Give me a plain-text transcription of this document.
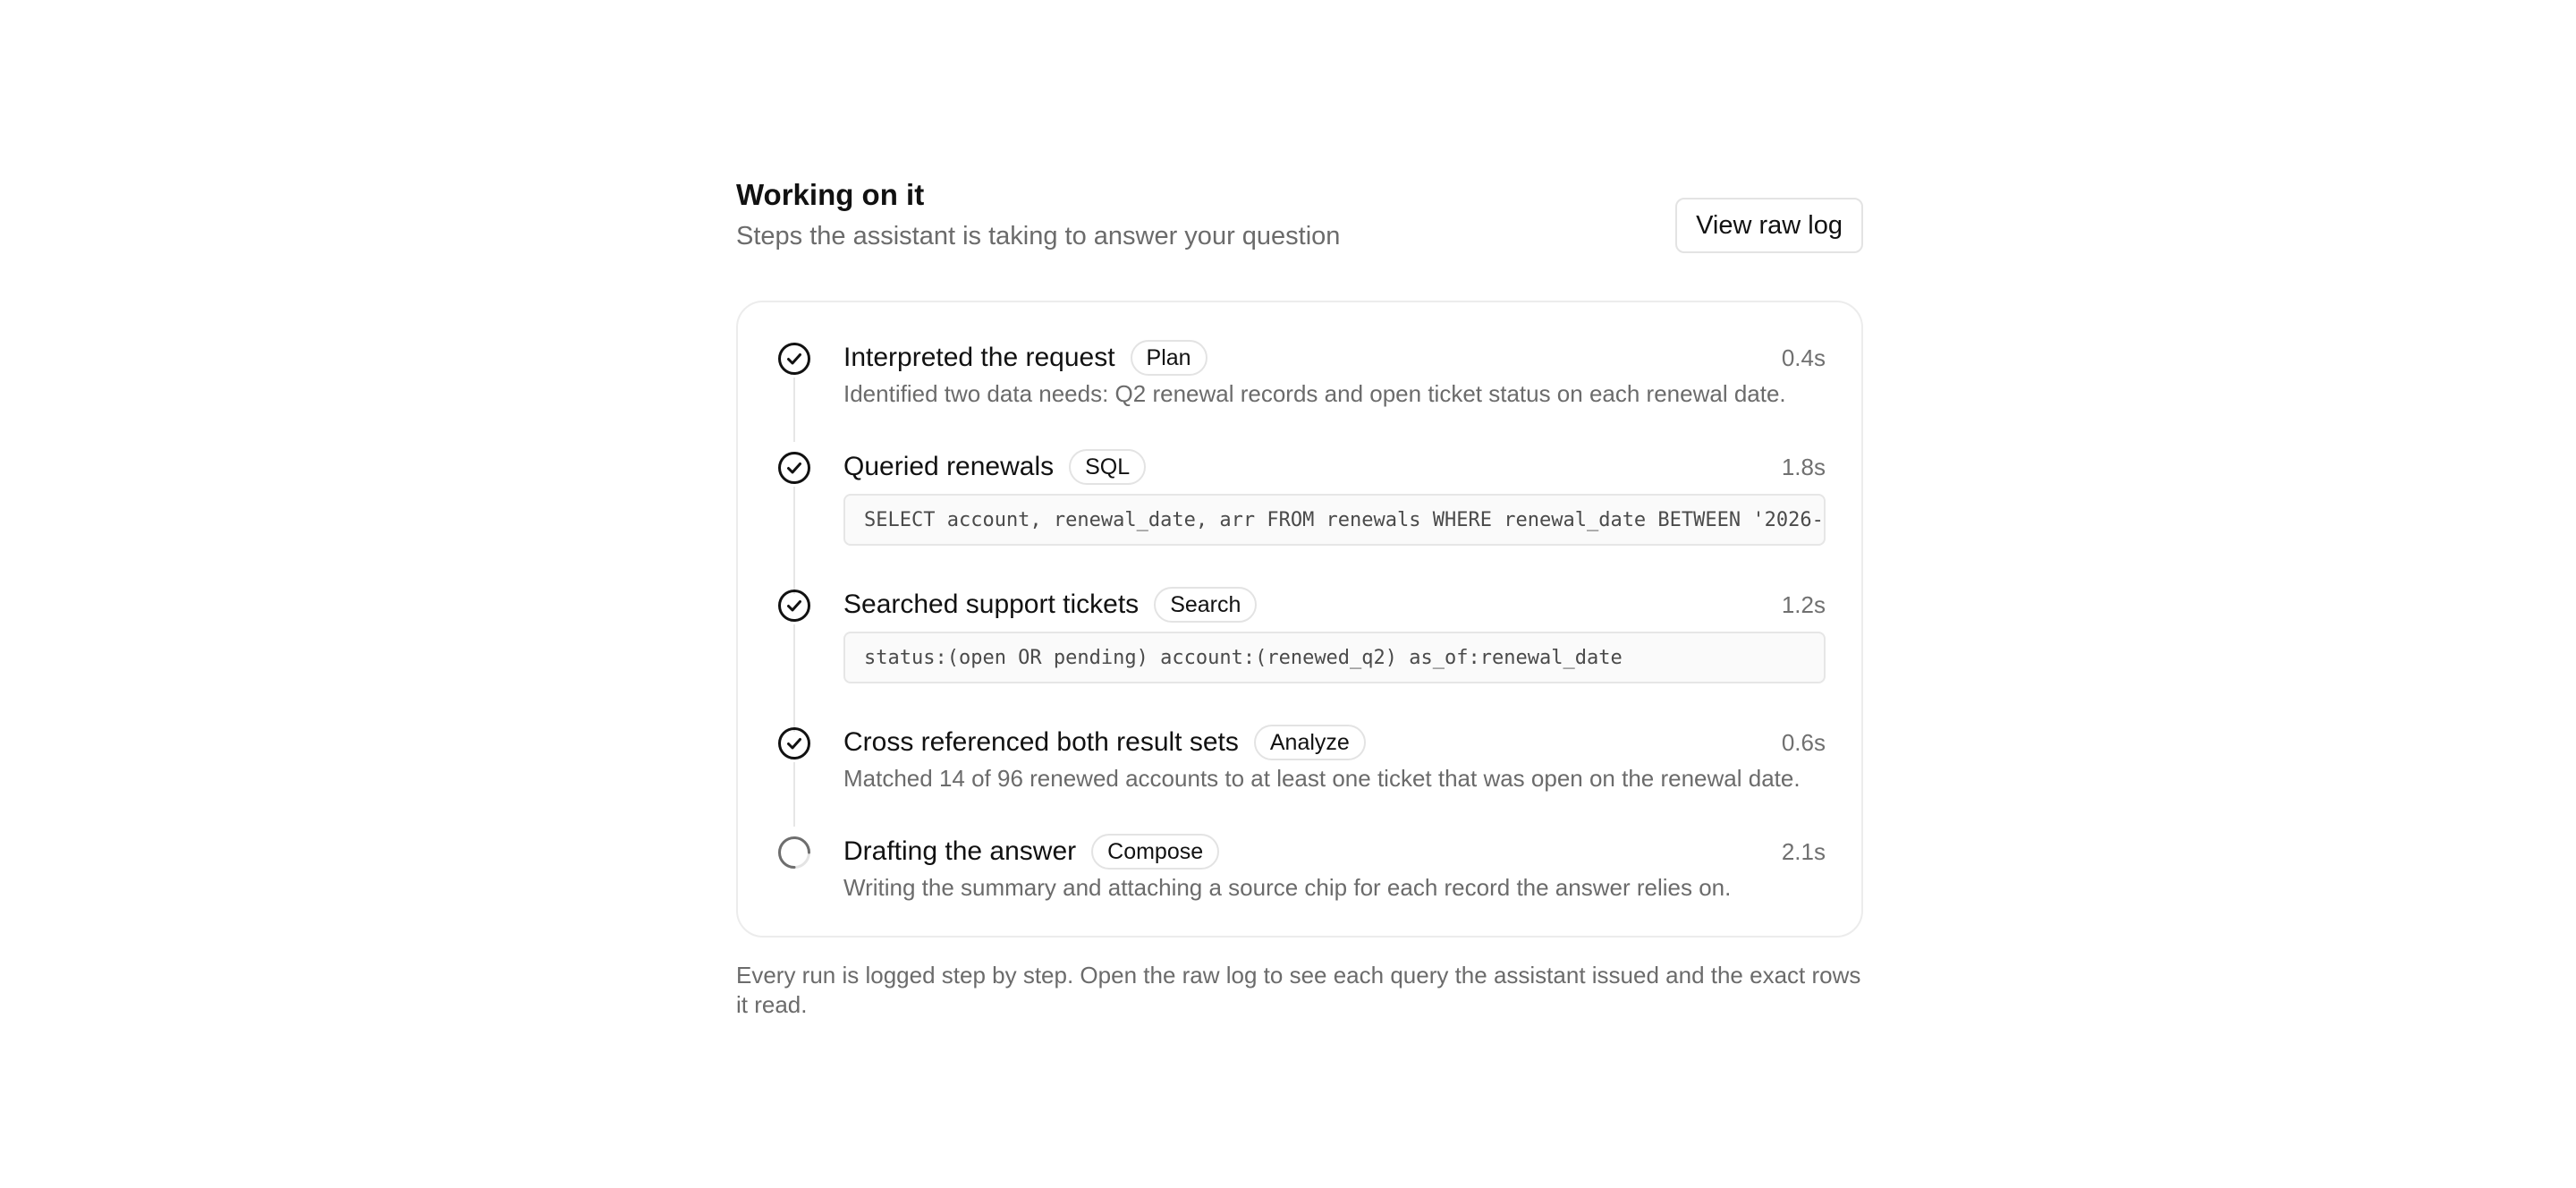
Working on it
Steps the assistant is taking to answer your question	View raw log
Interpreted the request	Plan	0.4s
Identified two data needs: Q2 renewal records and open ticket status on each renewal date.
Queried renewals	SQL	1.8s
SELECT account, renewal_date, arr FROM renewals WHERE renewal_date BETWEEN '2026-
Searched support tickets	Search	1.2s
status:(open OR pending) account:(renewed_q2) as_of:renewal_date
Cross referenced both result sets	Analyze	0.6s
Matched 14 of 96 renewed accounts to at least one ticket that was open on the renewal date.
Drafting the answer	Compose	2.1s
Writing the summary and attaching a source chip for each record the answer relies on.
Every run is logged step by step. Open the raw log to see each query the assistant issued and the exact rows it read.
